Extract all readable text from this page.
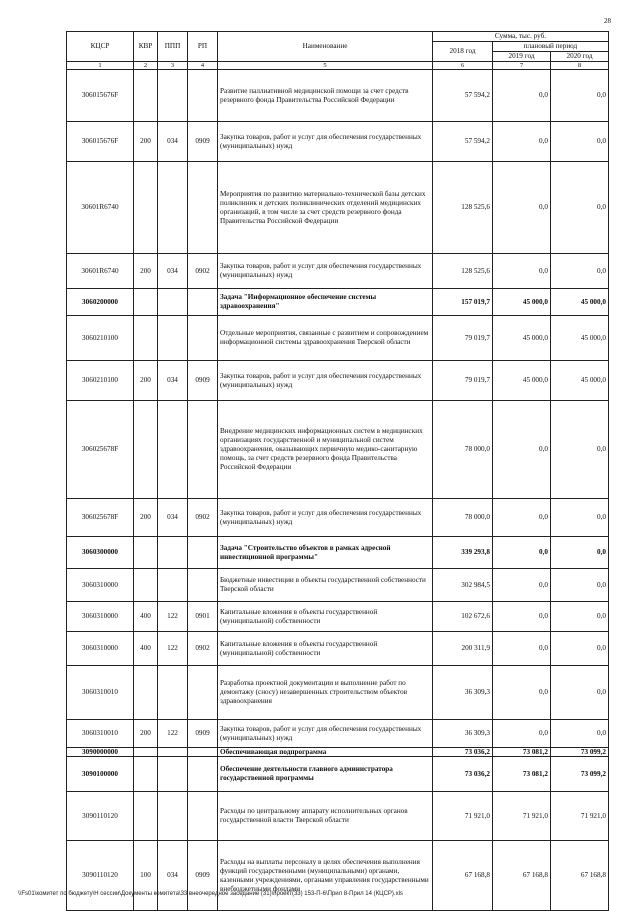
28
КЦСР	КВР	ППП	РП	Наименование	Сумма, тыс. руб.		
					2018 год	плановый период	
						2019 год	2020 год
1	2	3	4	5	6	7	8
306015676F				Развитие паллиативной медицинской помощи за счет средств резервного фонда Правительства Российской Федерации	57 594,2	0,0	0,0
306015676F	200	034	0909	Закупка товаров, работ и услуг для обеспечения государственных (муниципальных) нужд	57 594,2	0,0	0,0
30601R6740				Мероприятия по развитию материально-технической базы детских поликлиник и детских поликлинических отделений медицинских организаций, в том числе за счет средств резервного фонда Правительства Российской Федерации	128 525,6	0,0	0,0
30601R6740	200	034	0902	Закупка товаров, работ и услуг для обеспечения государственных (муниципальных) нужд	128 525,6	0,0	0,0
3060200000				Задача "Информационное обеспечение системы здравоохранения"	157 019,7	45 000,0	45 000,0
3060210100				Отдельные мероприятия, связанные с развитием и сопровождением информационной системы здравоохранения Тверской области	79 019,7	45 000,0	45 000,0
3060210100	200	034	0909	Закупка товаров, работ и услуг для обеспечения государственных (муниципальных) нужд	79 019,7	45 000,0	45 000,0
306025678F				Внедрение медицинских информационных систем в медицинских организациях государственной и муниципальной систем здравоохранения, оказывающих первичную медико-санитарную помощь, за счет средств резервного фонда Правительства Российской Федерации	78 000,0	0,0	0,0
306025678F	200	034	0902	Закупка товаров, работ и услуг для обеспечения государственных (муниципальных) нужд	78 000,0	0,0	0,0
3060300000				Задача "Строительство объектов в рамках адресной инвестиционной программы"	339 293,8	0,0	0,0
3060310000				Бюджетные инвестиции в объекты государственной собственности Тверской области	302 984,5	0,0	0,0
3060310000	400	122	0901	Капитальные вложения в объекты государственной (муниципальной) собственности	102 672,6	0,0	0,0
3060310000	400	122	0902	Капитальные вложения в объекты государственной (муниципальной) собственности	200 311,9	0,0	0,0
3060310010				Разработка проектной документации и выполнение работ по демонтажу (сносу) незавершенных строительством объектов здравоохранения	36 309,3	0,0	0,0
3060310010	200	122	0909	Закупка товаров, работ и услуг для обеспечения государственных (муниципальных) нужд	36 309,3	0,0	0,0
3090000000				Обеспечивающая подпрограмма	73 036,2	73 081,2	73 099,2
3090100000				Обеспечение деятельности главного администратора государственной программы	73 036,2	73 081,2	73 099,2
3090110120				Расходы по центральному аппарату исполнительных органов государственной власти Тверской области	71 921,0	71 921,0	71 921,0
3090110120	100	034	0909	Расходы на выплаты персоналу в целях обеспечения выполнения функций государственными (муниципальными) органами, казенными учреждениями, органами управления государственными внебюджетными фондами	67 168,8	67 168,8	67 168,8
\\Fs01\комитет по бюджету\Н сессии\Документы комитета\33 внеочередное заседание (31)\проект(33) 153-П-6\Прил 8-Прил 14 (КЦСР).xls
